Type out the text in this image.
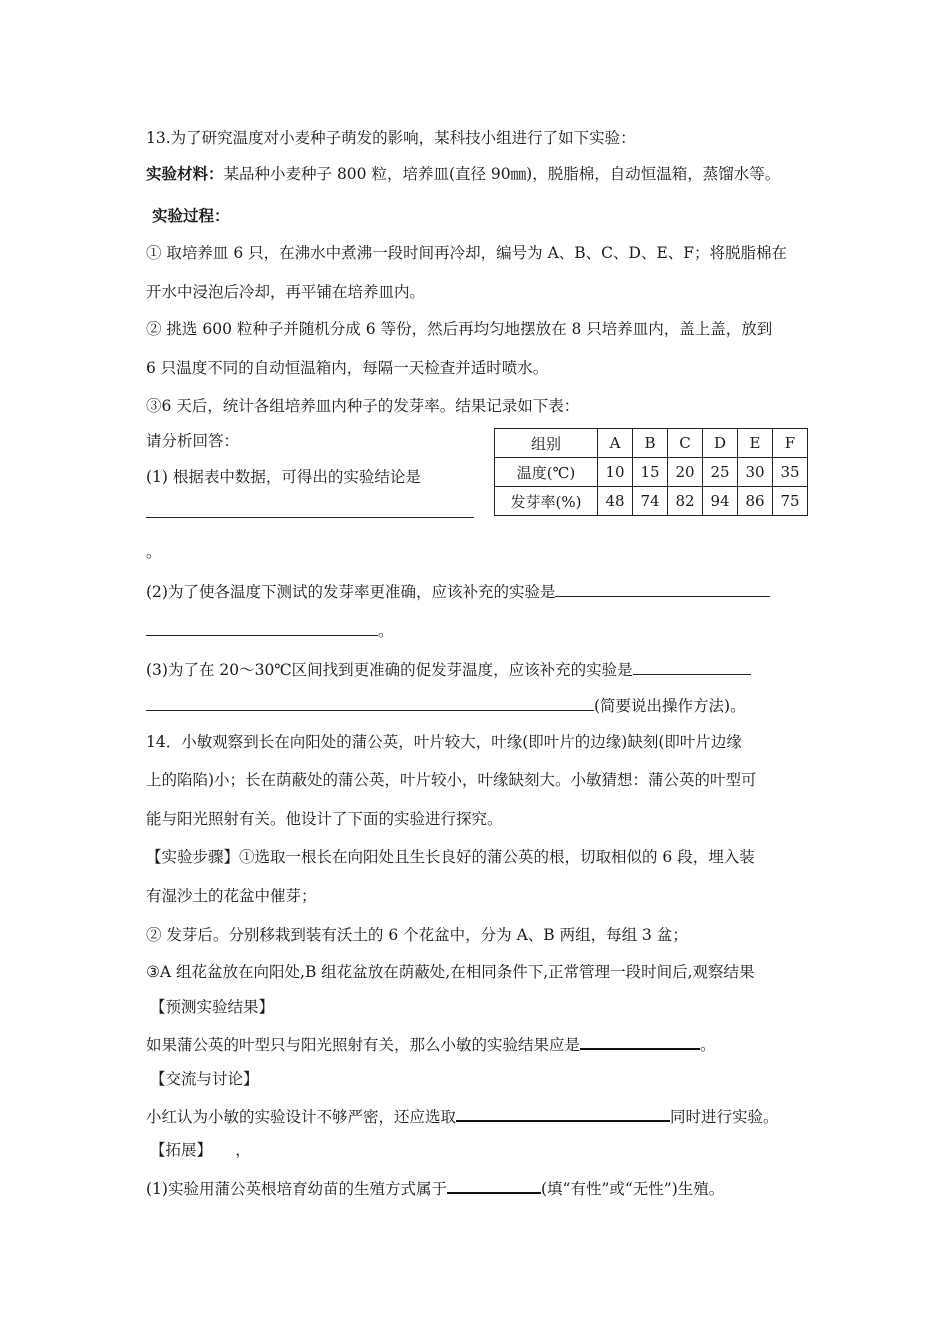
13.为了研究温度对小麦种子萌发的影响，某科技小组进行了如下实验：
实验材料：某品种小麦种子 800 粒，培养皿(直径 90㎜)，脱脂棉，自动恒温箱，蒸馏水等。
实验过程：
① 取培养皿 6 只，在沸水中煮沸一段时间再冷却，编号为 A、B、C、D、E、F；将脱脂棉在
开水中浸泡后冷却，再平铺在培养皿内。
② 挑选 600 粒种子并随机分成 6 等份，然后再均匀地摆放在 8 只培养皿内，盖上盖，放到
6 只温度不同的自动恒温箱内，每隔一天检查并适时喷水。
③6 天后，统计各组培养皿内种子的发芽率。结果记录如下表：
请分析回答：
(1) 根据表中数据，可得出的实验结论是
。
组别	A	B	C	D	E	F
温度(℃)	10	15	20	25	30	35
发芽率(%)	48	74	82	94	86	75
(2)为了使各温度下测试的发芽率更准确，应该补充的实验是
。
(3)为了在 20～30℃区间找到更准确的促发芽温度，应该补充的实验是
(简要说出操作方法)。
14．小敏观察到长在向阳处的蒲公英，叶片较大，叶缘(即叶片的边缘)缺刻(即叶片边缘
上的陷陷)小；长在荫蔽处的蒲公英，叶片较小，叶缘缺刻大。小敏猜想：蒲公英的叶型可
能与阳光照射有关。他设计了下面的实验进行探究。
【实验步骤】①选取一根长在向阳处且生长良好的蒲公英的根，切取相似的 6 段，埋入装
有湿沙土的花盆中催芽；
② 发芽后。分别移栽到装有沃土的 6 个花盆中，分为 A、B 两组，每组 3 盆；
③A 组花盆放在向阳处,B 组花盆放在荫蔽处,在相同条件下,正常管理一段时间后,观察结果
【预测实验结果】
如果蒲公英的叶型只与阳光照射有关，那么小敏的实验结果应是	。
【交流与讨论】
小红认为小敏的实验设计不够严密，还应选取	同时进行实验。
【拓展】　　，
(1)实验用蒲公英根培育幼苗的生殖方式属于	(填“有性”或“无性”)生殖。
